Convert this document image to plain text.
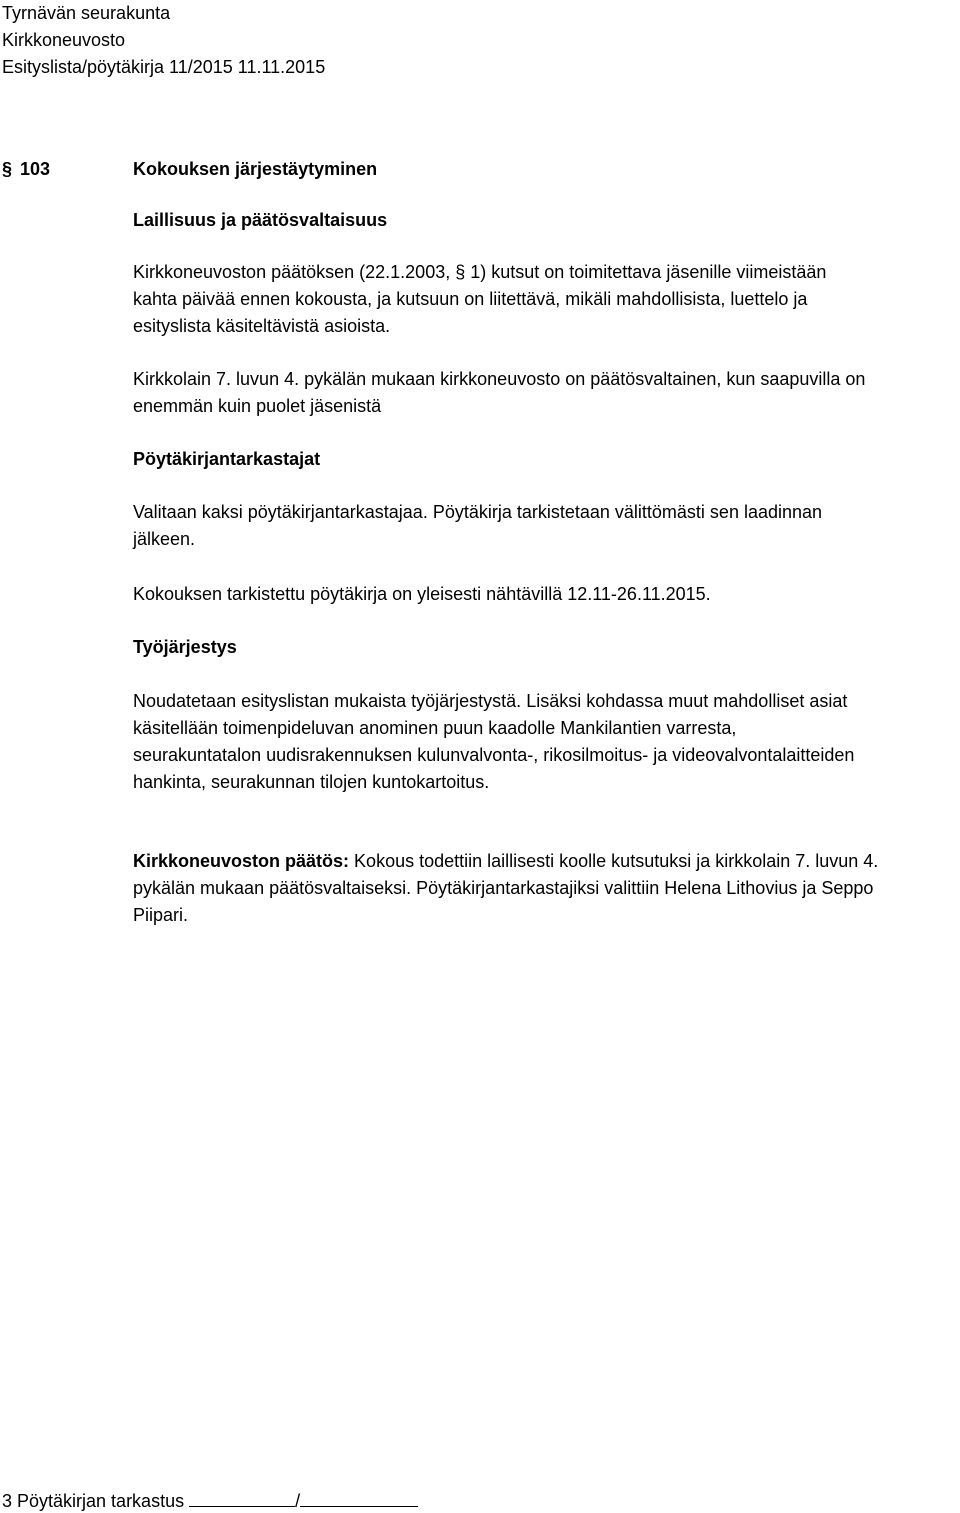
Tyrnävän seurakunta
Kirkkoneuvosto
Esityslista/pöytäkirja 11/2015 11.11.2015
§ 103	Kokouksen järjestäytyminen
Laillisuus ja päätösvaltaisuus
Kirkkoneuvoston päätöksen (22.1.2003, § 1) kutsut on toimitettava jäsenille viimeistään
kahta päivää ennen kokousta, ja kutsuun on liitettävä, mikäli mahdollisista, luettelo ja
esityslista käsiteltävistä asioista.
Kirkkolain 7. luvun 4. pykälän mukaan kirkkoneuvosto on päätösvaltainen, kun saapuvilla on
enemmän kuin puolet jäsenistä
Pöytäkirjantarkastajat
Valitaan kaksi pöytäkirjantarkastajaa. Pöytäkirja tarkistetaan välittömästi sen laadinnan
jälkeen.
Kokouksen tarkistettu pöytäkirja on yleisesti nähtävillä 12.11-26.11.2015.
Työjärjestys
Noudatetaan esityslistan mukaista työjärjestystä. Lisäksi kohdassa muut mahdolliset asiat
käsitellään toimenpideluvan anominen puun kaadolle Mankilantien varresta,
seurakuntatalon uudisrakennuksen kulunvalvonta-, rikosilmoitus- ja videovalvontalaitteiden
hankinta, seurakunnan tilojen kuntokartoitus.
Kirkkoneuvoston päätös: Kokous todettiin laillisesti koolle kutsutuksi ja kirkkolain 7. luvun 4.
pykälän mukaan päätösvaltaiseksi. Pöytäkirjantarkastajiksi valittiin Helena Lithovius ja Seppo
Piipari.
3 Pöytäkirjan tarkastus	/
